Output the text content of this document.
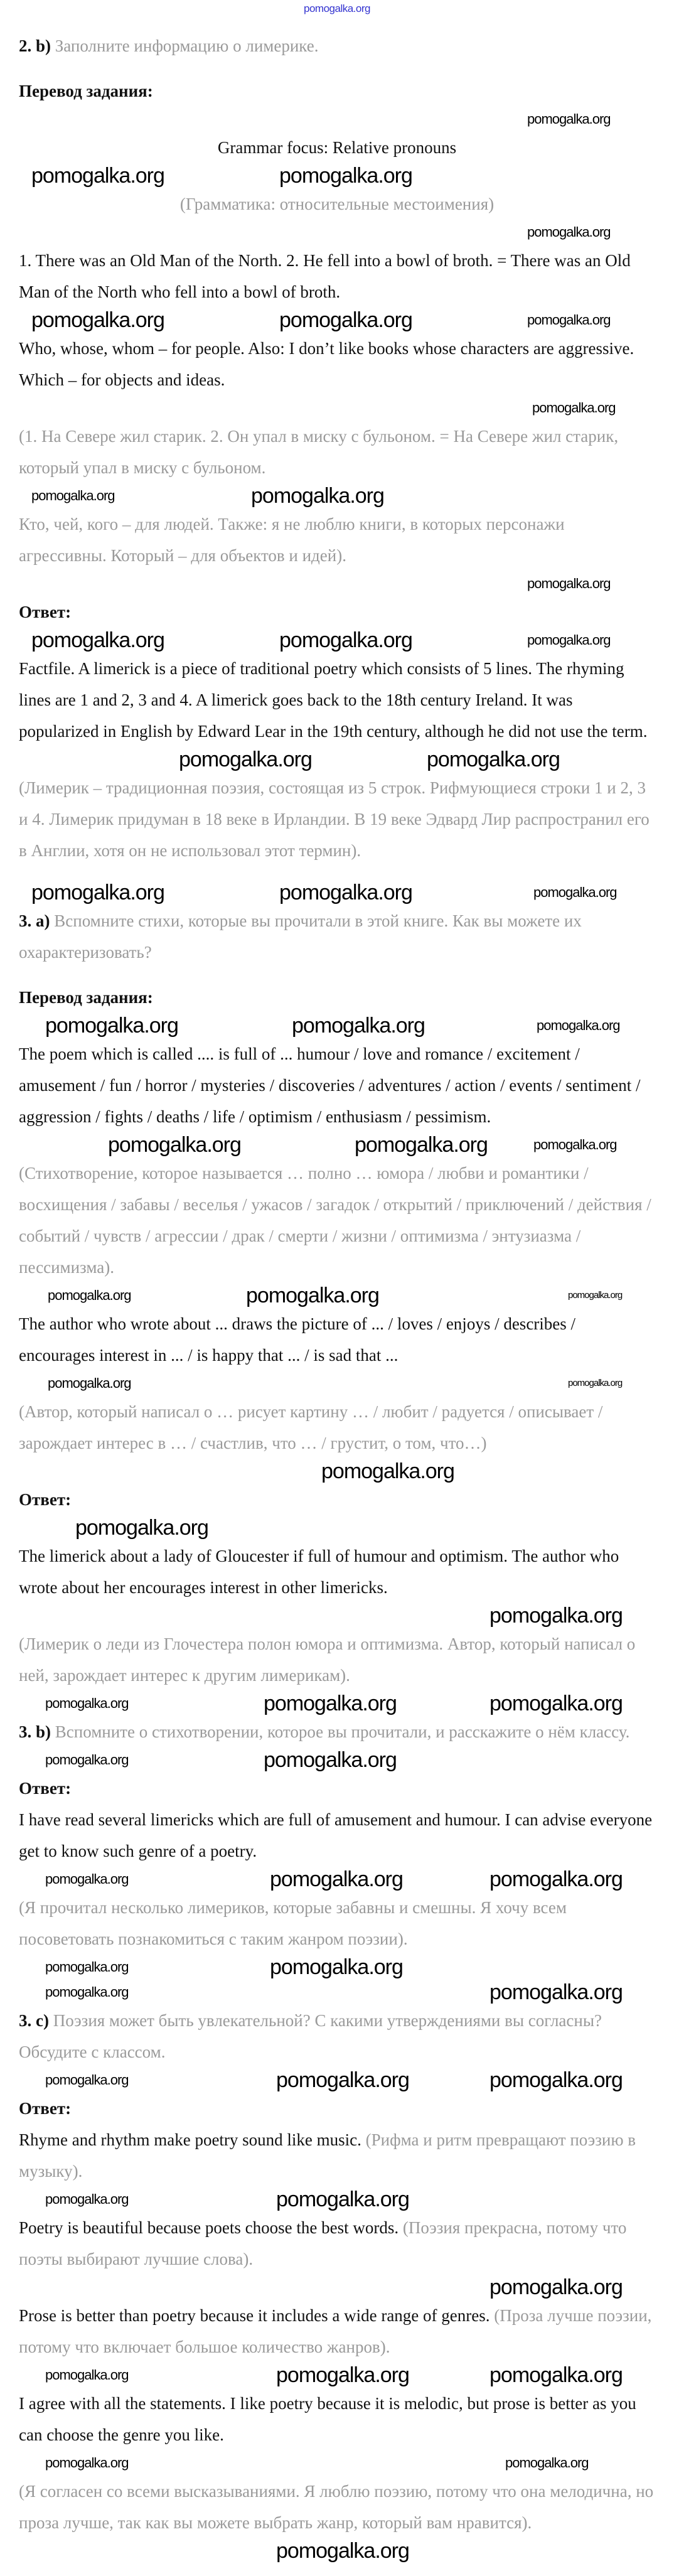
pomogalka.org

2. b) Заполните информацию о лимерике.

Перевод задания:

pomogalka.org

Grammar focus: Relative pronouns

pomogalka.org	pomogalka.org

(Грамматика: относительные местоимения)

pomogalka.org

1. There was an Old Man of the North. 2. He fell into a bowl of broth. = There was an Old Man of the North who fell into a bowl of broth.

pomogalka.org	pomogalka.org	pomogalka.org

Who, whose, whom – for people. Also: I don’t like books whose characters are aggressive. Which – for objects and ideas.

pomogalka.org

(1. На Севере жил старик. 2. Он упал в миску с бульоном. = На Севере жил старик, который упал в миску с бульоном.

pomogalka.org	pomogalka.org

Кто, чей, кого – для людей. Также: я не люблю книги, в которых персонажи агрессивны. Который – для объектов и идей).

pomogalka.org

Ответ:

pomogalka.org	pomogalka.org	pomogalka.org

Factfile. A limerick is a piece of traditional poetry which consists of 5 lines. The rhyming lines are 1 and 2, 3 and 4. A limerick goes back to the 18th century Ireland. It was popularized in English by Edward Lear in the 19th century, although he did not use the term.

pomogalka.org	pomogalka.org

(Лимерик – традиционная поэзия, состоящая из 5 строк. Рифмующиеся строки 1 и 2, 3 и 4. Лимерик придуман в 18 веке в Ирландии. В 19 веке Эдвард Лир распространил его в Англии, хотя он не использовал этот термин).

pomogalka.org	pomogalka.org	pomogalka.org

3. a) Вспомните стихи, которые вы прочитали в этой книге. Как вы можете их охарактеризовать?

Перевод задания:

pomogalka.org	pomogalka.org	pomogalka.org

The poem which is called .... is full of ... humour / love and romance / excitement / amusement / fun / horror / mysteries / discoveries / adventures / action / events / sentiment / aggression / fights / deaths / life / optimism / enthusiasm / pessimism.

pomogalka.org	pomogalka.org	pomogalka.org

(Стихотворение, которое называется … полно … юмора / любви и романтики / восхищения / забавы / веселья / ужасов / загадок / открытий / приключений / действия / событий / чувств / агрессии / драк / смерти / жизни / оптимизма / энтузиазма / пессимизма).

pomogalka.org	pomogalka.org	pomogalka.org

The author who wrote about ... draws the picture of ... / loves / enjoys / describes / encourages interest in ... / is happy that ... / is sad that ...

pomogalka.org	pomogalka.org

(Автор, который написал о … рисует картину … / любит / радуется / описывает / зарождает интерес в … / счастлив, что … / грустит, о том, что…)

pomogalka.org

Ответ:

pomogalka.org

The limerick about a lady of Gloucester if full of humour and optimism. The author who wrote about her encourages interest in other limericks.

pomogalka.org

(Лимерик о леди из Глочестера полон юмора и оптимизма. Автор, который написал о ней, зарождает интерес к другим лимерикам).

pomogalka.org	pomogalka.org	pomogalka.org

3. b) Вспомните о стихотворении, которое вы прочитали, и расскажите о нём классу.

pomogalka.org	pomogalka.org

Ответ:

I have read several limericks which are full of amusement and humour. I can advise everyone get to know such genre of a poetry.

pomogalka.org	pomogalka.org	pomogalka.org

(Я прочитал несколько лимериков, которые забавны и смешны. Я хочу всем посоветовать познакомиться с таким жанром поэзии).

pomogalka.org	pomogalka.org
pomogalka.org	pomogalka.org

3. c) Поэзия может быть увлекательной? С какими утверждениями вы согласны? Обсудите с классом.

pomogalka.org	pomogalka.org	pomogalka.org

Ответ:

Rhyme and rhythm make poetry sound like music. (Рифма и ритм превращают поэзию в музыку).

pomogalka.org	pomogalka.org

Poetry is beautiful because poets choose the best words. (Поэзия прекрасна, потому что поэты выбирают лучшие слова).

pomogalka.org

Prose is better than poetry because it includes a wide range of genres. (Проза лучше поэзии, потому что включает большое количество жанров).

pomogalka.org	pomogalka.org	pomogalka.org

I agree with all the statements. I like poetry because it is melodic, but prose is better as you can choose the genre you like.

pomogalka.org	pomogalka.org

(Я согласен со всеми высказываниями. Я люблю поэзию, потому что она мелодична, но проза лучше, так как вы можете выбрать жанр, который вам нравится).

pomogalka.org
